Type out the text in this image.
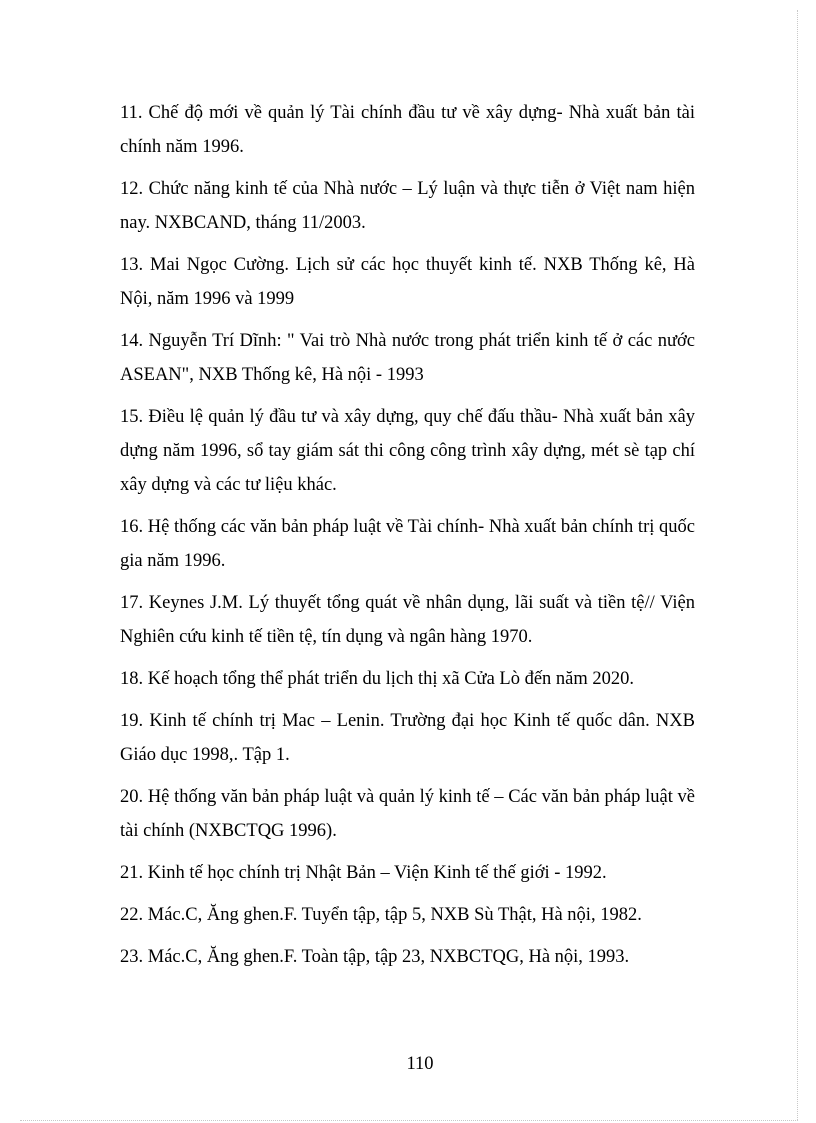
11. Chế độ mới về quản lý Tài chính đầu tư về xây dựng- Nhà xuất bản tài chính năm 1996.

12. Chức năng kinh tế của Nhà nước – Lý luận và thực tiễn ở Việt nam hiện nay. NXBCAND, tháng 11/2003.

13. Mai Ngọc Cường. Lịch sử các học thuyết kinh tế. NXB Thống kê, Hà Nội, năm 1996 và 1999

14. Nguyễn Trí Dĩnh: " Vai trò Nhà nước trong phát triển kinh tế ở các nước ASEAN", NXB Thống kê, Hà nội - 1993

15. Điều lệ quản lý đầu tư và xây dựng, quy chế đấu thầu- Nhà xuất bản xây dựng năm 1996, sổ tay giám sát thi công công trình xây dựng, mét sè tạp chí xây dựng và các tư liệu khác.

16. Hệ thống các văn bản pháp luật về Tài chính- Nhà xuất bản chính trị quốc gia năm 1996.

17. Keynes J.M. Lý thuyết tổng quát về nhân dụng, lãi suất và tiền tệ// Viện Nghiên cứu kinh tế tiền tệ, tín dụng và ngân hàng 1970.

18. Kế hoạch tổng thể phát triển du lịch thị xã Cửa Lò đến năm 2020.

19. Kinh tế chính trị Mac – Lenin. Trường đại học Kinh tế quốc dân. NXB Giáo dục 1998,. Tập 1.

20. Hệ thống văn bản pháp luật và quản lý kinh tế – Các văn bản pháp luật về tài chính (NXBCTQG 1996).

21. Kinh tế học chính trị Nhật Bản – Viện Kinh tế thế giới - 1992.

22. Mác.C, Ăng ghen.F. Tuyển tập, tập 5, NXB Sù Thật, Hà nội, 1982.

23. Mác.C, Ăng ghen.F. Toàn tập, tập 23, NXBCTQG, Hà nội, 1993.

110
